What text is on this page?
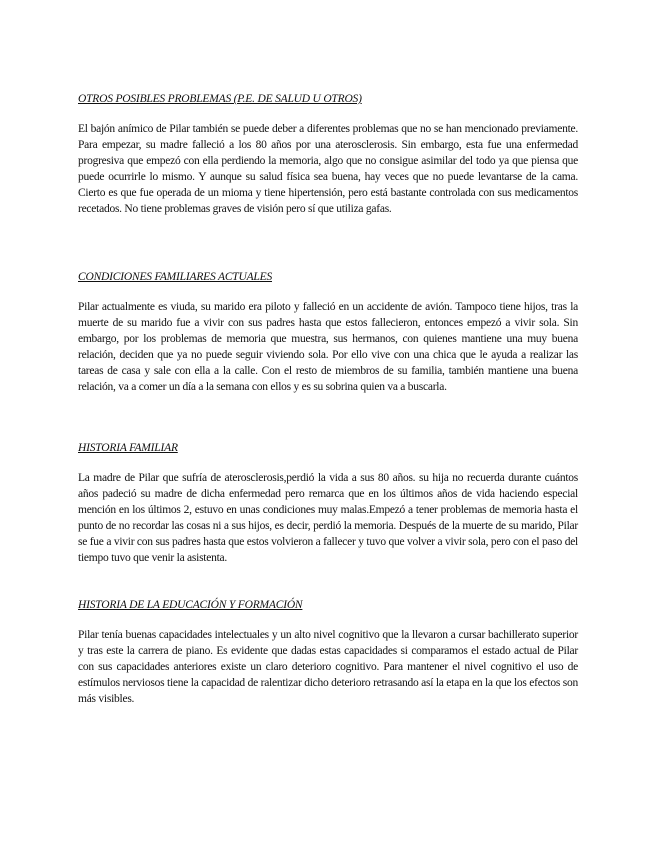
OTROS POSIBLES PROBLEMAS (P.E. DE SALUD U OTROS)

El bajón anímico de Pilar también se puede deber a diferentes problemas que no se han mencionado previamente. Para empezar, su madre falleció a los 80 años por una aterosclerosis. Sin embargo, esta fue una enfermedad progresiva que empezó con ella perdiendo la memoria, algo que no consigue asimilar del todo ya que piensa que puede ocurrirle lo mismo. Y aunque su salud física sea buena, hay veces que no puede levantarse de la cama. Cierto es que fue operada de un mioma y tiene hipertensión, pero está bastante controlada con sus medicamentos recetados. No tiene problemas graves de visión pero sí que utiliza gafas.

CONDICIONES FAMILIARES ACTUALES

Pilar actualmente es viuda, su marido era piloto y falleció en un accidente de avión. Tampoco tiene hijos, tras la muerte de su marido fue a vivir con sus padres hasta que estos fallecieron, entonces empezó a vivir sola. Sin embargo, por los problemas de memoria que muestra, sus hermanos, con quienes mantiene una muy buena relación, deciden que ya no puede seguir viviendo sola. Por ello vive con una chica que le ayuda a realizar las tareas de casa y sale con ella a la calle. Con el resto de miembros de su familia, también mantiene una buena relación, va a comer un día a la semana con ellos y es su sobrina quien va a buscarla.

HISTORIA FAMILIAR

La madre de Pilar que sufría de aterosclerosis,perdió la vida a sus 80 años. su hija no recuerda durante cuántos años padeció su madre de dicha enfermedad pero remarca que en los últimos años de vida haciendo especial mención en los últimos 2, estuvo en unas condiciones muy malas.Empezó a tener problemas de memoria hasta el punto de no recordar las cosas ni a sus hijos, es decir, perdió la memoria. Después de la muerte de su marido, Pilar se fue a vivir con sus padres hasta que estos volvieron a fallecer y tuvo que volver a vivir sola, pero con el paso del tiempo tuvo que venir la asistenta.

HISTORIA DE LA EDUCACIÓN Y FORMACIÓN

Pilar tenía buenas capacidades intelectuales y un alto nivel cognitivo que la llevaron a cursar bachillerato superior y tras este la carrera de piano. Es evidente que dadas estas capacidades si comparamos el estado actual de Pilar con sus capacidades anteriores existe un claro deterioro cognitivo. Para mantener el nivel cognitivo el uso de estímulos nerviosos tiene la capacidad de ralentizar dicho deterioro retrasando así la etapa en la que los efectos son más visibles.
